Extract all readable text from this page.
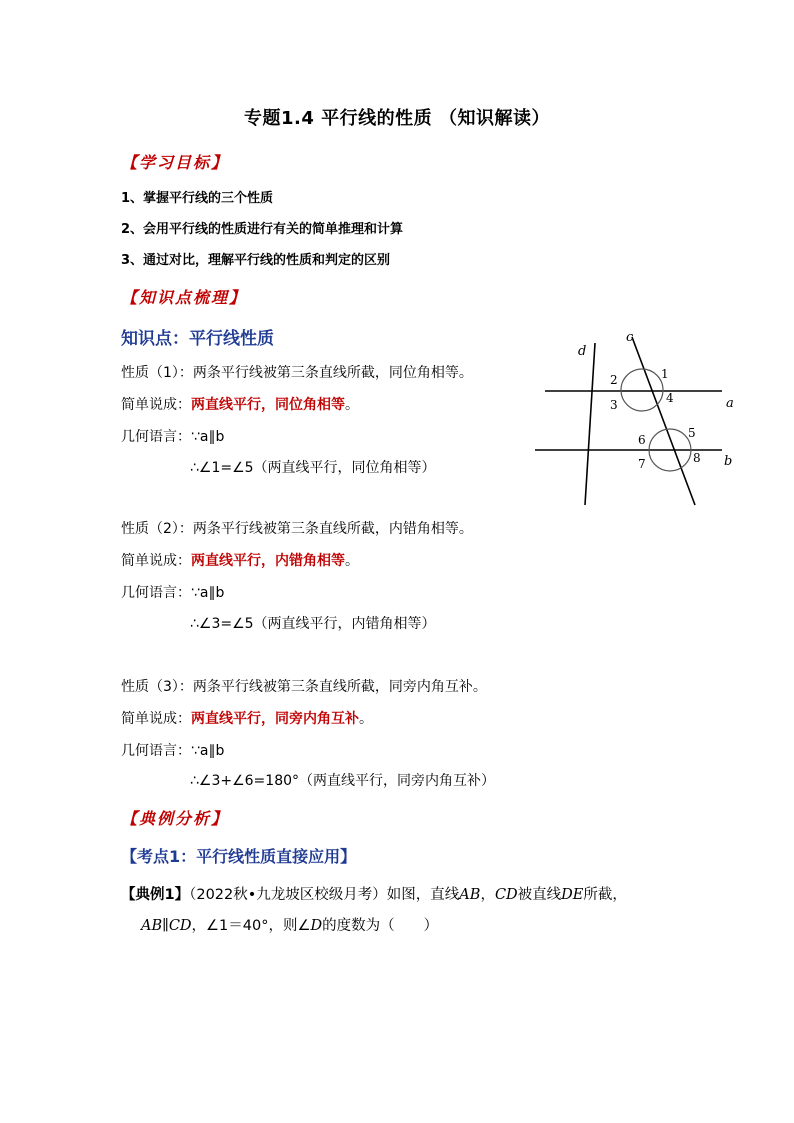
专题1.4 平行线的性质 （知识解读）
【学习目标】
1、掌握平行线的三个性质
2、会用平行线的性质进行有关的简单推理和计算
3、通过对比，理解平行线的性质和判定的区别
【知识点梳理】
知识点：平行线性质
性质（1）：两条平行线被第三条直线所截，同位角相等。
简单说成：两直线平行，同位角相等。
几何语言：∵a∥b
∴∠1=∠5（两直线平行，同位角相等）
性质（2）：两条平行线被第三条直线所截，内错角相等。
简单说成：两直线平行，内错角相等。
几何语言：∵a∥b
∴∠3=∠5（两直线平行，内错角相等）
性质（3）：两条平行线被第三条直线所截，同旁内角互补。
简单说成：两直线平行，同旁内角互补。
几何语言：∵a∥b
∴∠3+∠6=180°（两直线平行，同旁内角互补）
【典例分析】
【考点1：平行线性质直接应用】
【典例1】（2022秋•九龙坡区校级月考）如图，直线AB，CD被直线DE所截，
AB∥CD，∠1＝40°，则∠D的度数为（　　）
d
c
a
b
1
2
3	4
5
6
7	8
